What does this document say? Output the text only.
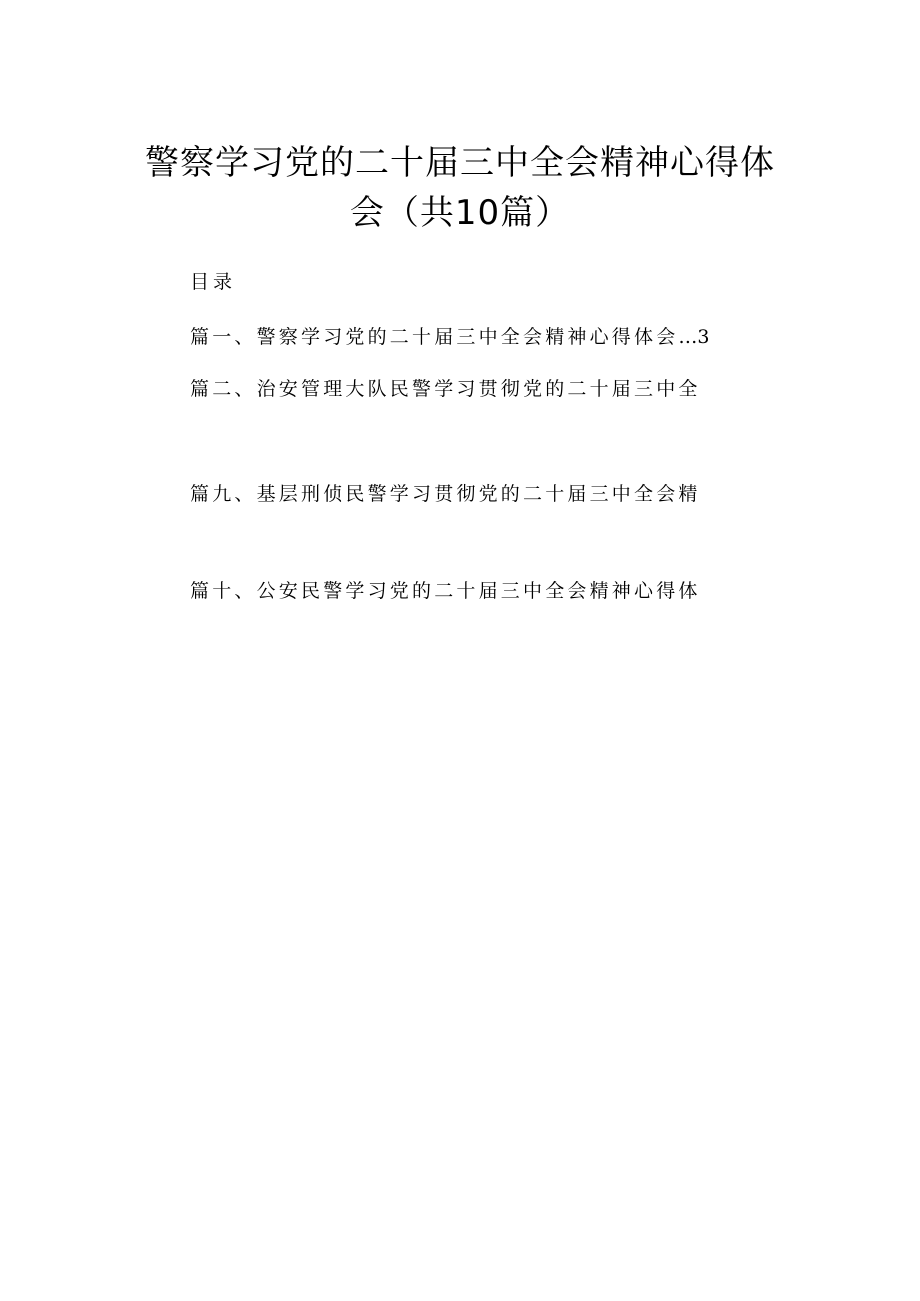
警察学习党的二十届三中全会精神心得体
会（共10篇）
目录
篇一、警察学习党的二十届三中全会精神心得体会…3
篇二、治安管理大队民警学习贯彻党的二十届三中全
篇九、基层刑侦民警学习贯彻党的二十届三中全会精
篇十、公安民警学习党的二十届三中全会精神心得体
